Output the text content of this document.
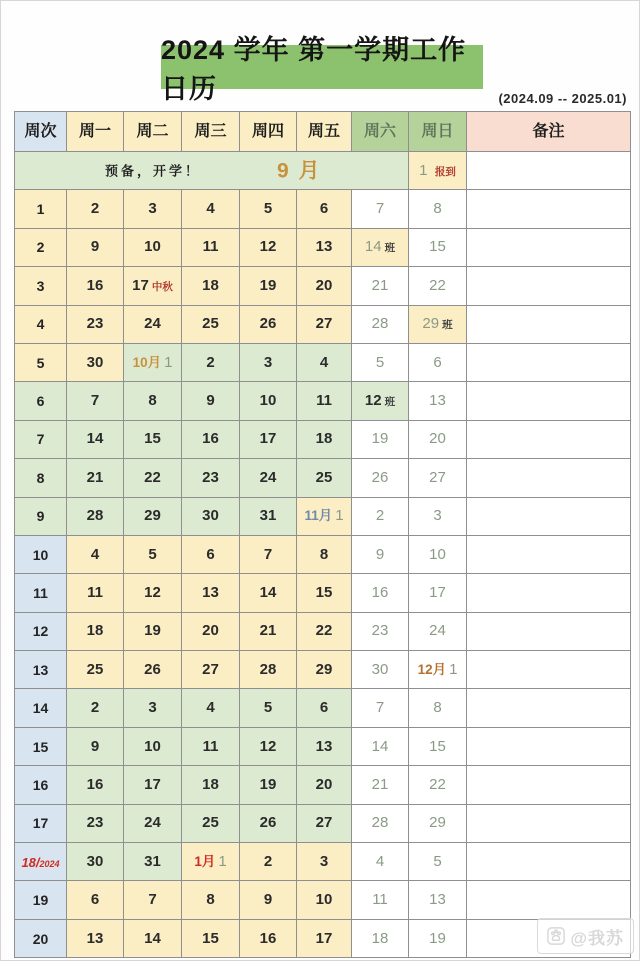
2024 学年 第一学期工作日历	(2024.09 -- 2025.01)
周次	周一	周二	周三	周四	周五	周六	周日	备注

预备，开学！ 9 月							1 报到	
1	2	3	4	5	6	7	8	
2	9	10	11	12	13	14 班	15	
3	16	17 中秋	18	19	20	21	22	
4	23	24	25	26	27	28	29 班	
5	30	10月 1	2	3	4	5	6	
6	7	8	9	10	11	12 班	13	
7	14	15	16	17	18	19	20	
8	21	22	23	24	25	26	27	
9	28	29	30	31	11月 1	2	3	
10	4	5	6	7	8	9	10	
11	11	12	13	14	15	16	17	
12	18	19	20	21	22	23	24	
13	25	26	27	28	29	30	12月 1	
14	2	3	4	5	6	7	8	
15	9	10	11	12	13	14	15	
16	16	17	18	19	20	21	22	
17	23	24	25	26	27	28	29	
18/2024	30	31	1月 1	2	3	4	5	
19	6	7	8	9	10	11	13	
20	13	14	15	16	17	18	19		@我苏
